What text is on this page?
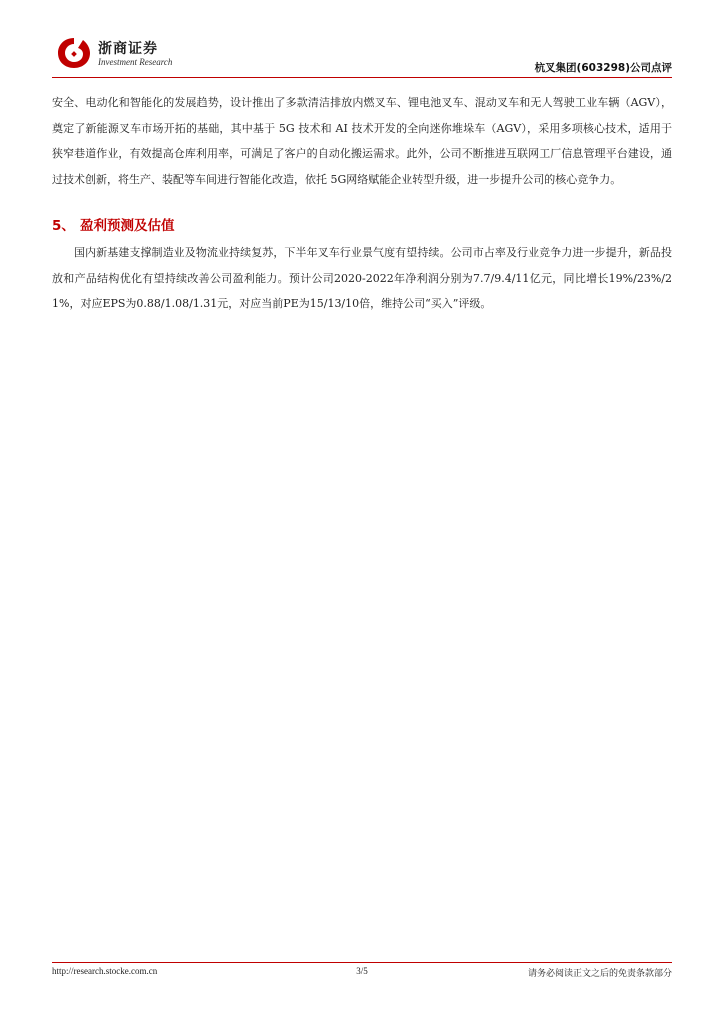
浙商证券
Investment Research	杭叉集团(603298)公司点评

安全、电动化和智能化的发展趋势，设计推出了多款清洁排放内燃叉车、锂电池叉车、混动叉车和无人驾驶工业车辆（AGV），奠定了新能源叉车市场开拓的基础，其中基于 5G 技术和 AI 技术开发的全向迷你堆垛车（AGV），采用多项核心技术，适用于狭窄巷道作业，有效提高仓库利用率，可满足了客户的自动化搬运需求。此外，公司不断推进互联网工厂信息管理平台建设，通过技术创新，将生产、装配等车间进行智能化改造，依托 5G网络赋能企业转型升级，进一步提升公司的核心竞争力。

5、 盈利预测及估值

国内新基建支撑制造业及物流业持续复苏，下半年叉车行业景气度有望持续。公司市占率及行业竞争力进一步提升，新品投放和产品结构优化有望持续改善公司盈利能力。预计公司2020-2022年净利润分别为7.7/9.4/11亿元，同比增长19%/23%/21%，对应EPS为0.88/1.08/1.31元，对应当前PE为15/13/10倍，维持公司“买入”评级。

http://research.stocke.com.cn	3/5	请务必阅读正文之后的免责条款部分
